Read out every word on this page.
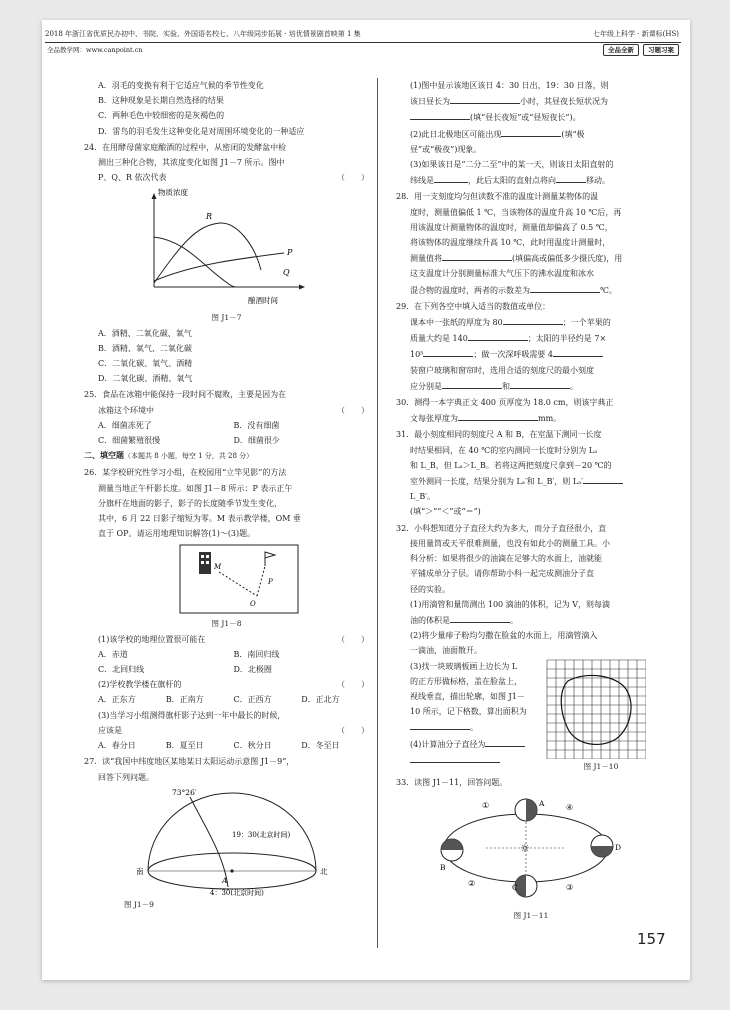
2018 年浙江省优质民办初中、书院、实验、外国语名校七、八年级同步拓展 · 培优情景剧首映第 1 集	七年级上科学 · 新课标(HS)
全品教学网：www.canpoint.cn	全品全新	习题习案

A．羽毛的变换有利于它适应气候的季节性变化

B．这种现象是长期自然选择的结果

C．两种毛色中较细密的是灰褐色的

D．雷鸟的羽毛发生这种变化是对周围环境变化的一种适应

24．在用酵母菌家庭酿酒的过程中，从密闭的发酵盆中检

测出三种化合物，其浓度变化如图 J1－7 所示。图中

P、Q、R 依次代表	（　　）

物质浓度
酿酒时间
R
P
Q

图 J1－7

A．酒精、二氧化碳、氧气

B．酒精、氧气、二氧化碳

C．二氧化碳、氧气、酒精

D．二氧化碳、酒精、氧气

25．食品在冰箱中能保持一段时间不腐败，主要是因为在

冰箱这个环境中	（　　）

A．细菌冻死了	B．没有细菌
C．细菌繁殖很慢	D．细菌很少

二、填空题（本题共 8 小题，每空 1 分，共 28 分）

26．某学校研究性学习小组，在校园用“立竿见影”的方法

测量当地正午杆影长度。如图 J1－8 所示：P 表示正午

分旗杆在地面的影子，影子的长度随季节发生变化，

其中，6 月 22 日影子缩短为零。M 表示教学楼，OM 垂

直于 OP。请运用地理知识解答(1)～(3)题。

M
O
P

图 J1－8

(1)该学校的地理位置很可能在	（　　）

A．赤道	B．南回归线
C．北回归线	D．北极圈

(2)学校教学楼在旗杆的	（　　）

A．正东方	B．正南方	C．正西方	D．正北方

(3)当学习小组测得旗杆影子达到一年中最长的时候，

应该是	（　　）

A．春分日	B．夏至日	C．秋分日	D．冬至日

27．读“我国中纬度地区某地某日太阳运动示意图 J1－9”，

回答下列问题。

73°26′
19：30(北京时间)
4：30(北京时间)
南	北
A

图 J1－9

(1)图中显示该地区该日 4：30 日出，19：30 日落，则

该日昼长为	小时，其昼夜长短状况为

(填“昼长夜短”或“昼短夜长”)。

(2)此日北极地区可能出现	(填“极

昼”或“极夜”)现象。

(3)如果该日是“二分二至”中的某一天，则该日太阳直射的

纬线是	，此后太阳的直射点将向	移动。

28．用一支刻度均匀但读数不准的温度计测量某物体的温

度时，测量值偏低 1 ℃，当该物体的温度升高 10 ℃后，再

用该温度计测量物体的温度时，测量值却偏高了 0.5 ℃，

将该物体的温度继续升高 10 ℃，此时用温度计测量时，

测量值将	(填偏高或偏低多少摄氏度)，用

这支温度计分别测量标准大气压下的沸水温度和冰水

混合物的温度时，两者的示数差为	℃。

29．在下列各空中填入适当的数值或单位：

课本中一张纸的厚度为 80	；一个苹果的

质量大约是 140	；太阳的半径约是 7×

10⁵	；做一次深呼吸需要 4

装窗户玻璃和窗帘时，选用合适的刻度尺的最小刻度

应分别是	和	。

30．测得一本字典正文 400 页厚度为 18.0 cm，则该字典正

文每张厚度为	mm。

31．最小刻度相同的刻度尺 A 和 B，在室温下测同一长度

时结果相同，在 40 ℃的室内测同一长度时分别为 Lₐ

和 L_B，但 Lₐ＞L_B。若将这两把刻度尺拿到－20 ℃的

室外测同一长度，结果分别为 Lₐ′和 L_B′，则 Lₐ′

L_B′。

(填“＞”“＜”或“＝”)

32．小科想知道分子直径大约为多大，而分子直径很小，直

接用量筒或天平很难测量，也没有如此小的测量工具。小

科分析：如果将很少的油滴在足够大的水面上，油就能

平铺成单分子层。请你帮助小科一起完成测油分子直

径的实验。

(1)用滴管和量筒测出 100 滴油的体积，记为 V，则每滴

油的体积是	。

(2)将少量痱子粉均匀撒在脸盆的水面上，用滴管滴入

一滴油，油面散开。

(3)找一块玻璃板画上边长为 L

的正方形做标格，盖在脸盆上，

视线垂直，描出轮廓，如图 J1－

10 所示，记下格数，算出面积为

。

(4)计算油分子直径为

图 J1－10

33．读图 J1－11，回答问题。

☼
A
B
C
D
①
②	③
④

图 J1－11

157
